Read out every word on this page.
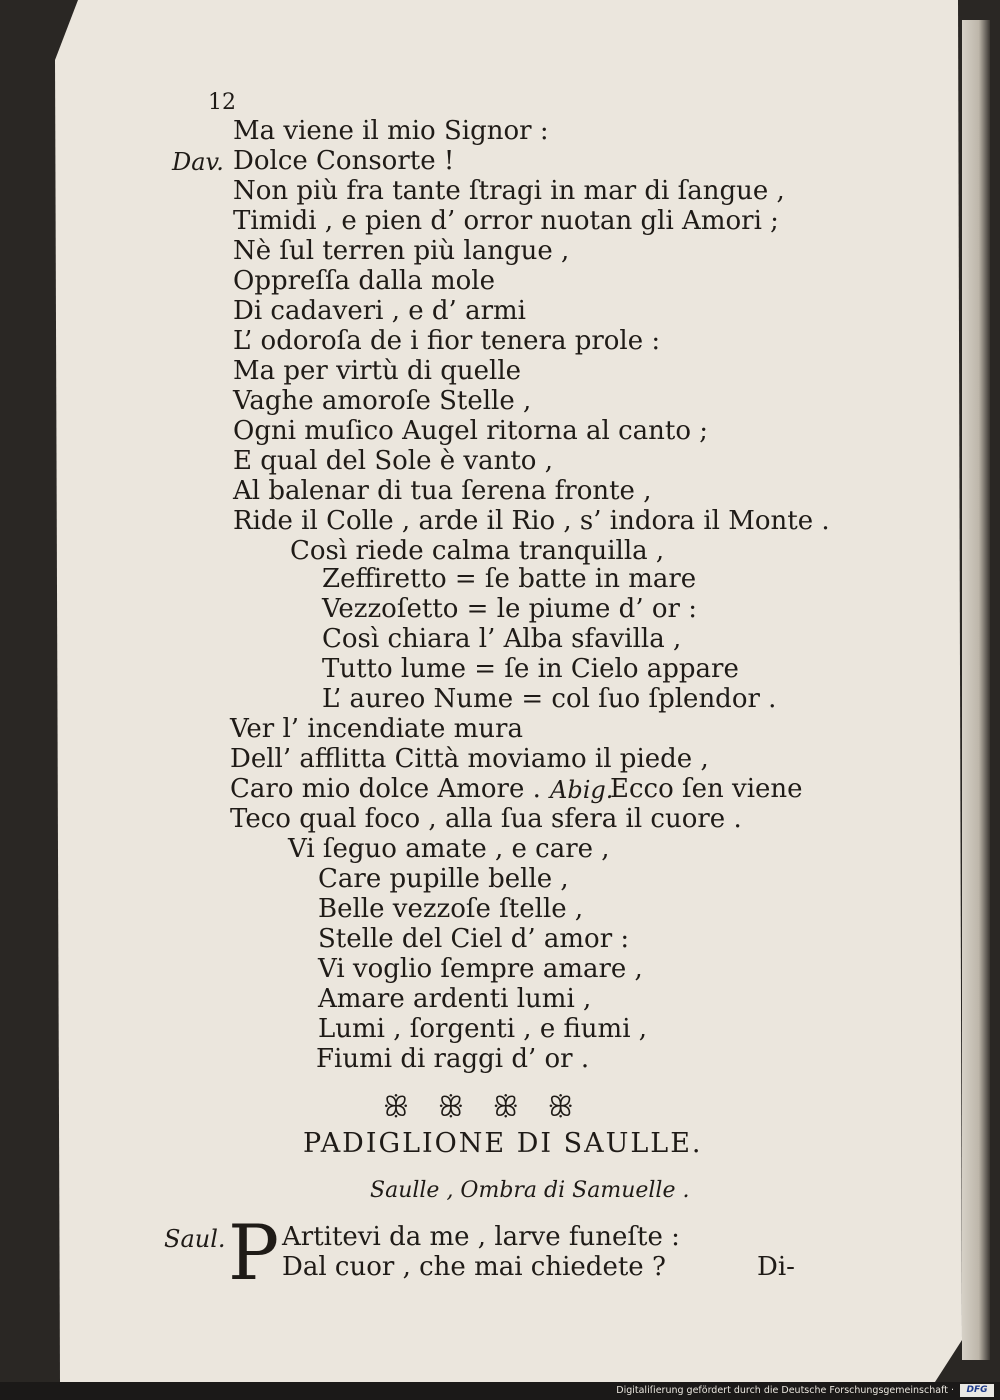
12
Dav.
Ma viene il mio Signor :
Dolce Consorte !
Non più fra tante ſtragi in mar di ſangue ,
Timidi , e pien d’ orror nuotan gli Amori ;
Nè ſul terren più langue ,
Oppreſſa dalla mole
Di cadaveri , e d’ armi
L’ odoroſa de i fior tenera prole :
Ma per virtù di quelle
Vaghe amoroſe Stelle ,
Ogni muſico Augel ritorna al canto ;
E qual del Sole è vanto ,
Al balenar di tua ſerena fronte ,
Ride il Colle , arde il Rio , s’ indora il Monte .
Così riede calma tranquilla ,
Zeffiretto = ſe batte in mare
Vezzoſetto = le piume d’ or :
Così chiara l’ Alba sfavilla ,
Tutto lume = ſe in Cielo appare
L’ aureo Nume = col ſuo ſplendor .
Ver l’ incendiate mura
Dell’ afflitta Città moviamo il piede ,
Caro mio dolce Amore . Abig.
Ecco ſen viene
Teco qual foco , alla ſua sfera il cuore .
Vi ſeguo amate , e care ,
Care pupille belle ,
Belle vezzoſe ſtelle ,
Stelle del Ciel d’ amor :
Vi voglio ſempre amare ,
Amare ardenti lumi ,
Lumi , ſorgenti , e fiumi ,
Fiumi di raggi d’ or .
ꕥ ꕥ ꕥ ꕥ
PADIGLIONE DI SAULLE.
Saulle , Ombra di Samuelle .
Saul. P Artitevi da me , larve funeſte :
Dal cuor , che mai chiedete ?	Di-
Digitaliſierung gefördert durch die Deutsche Forschungsgemeinschaft ·	DFG
